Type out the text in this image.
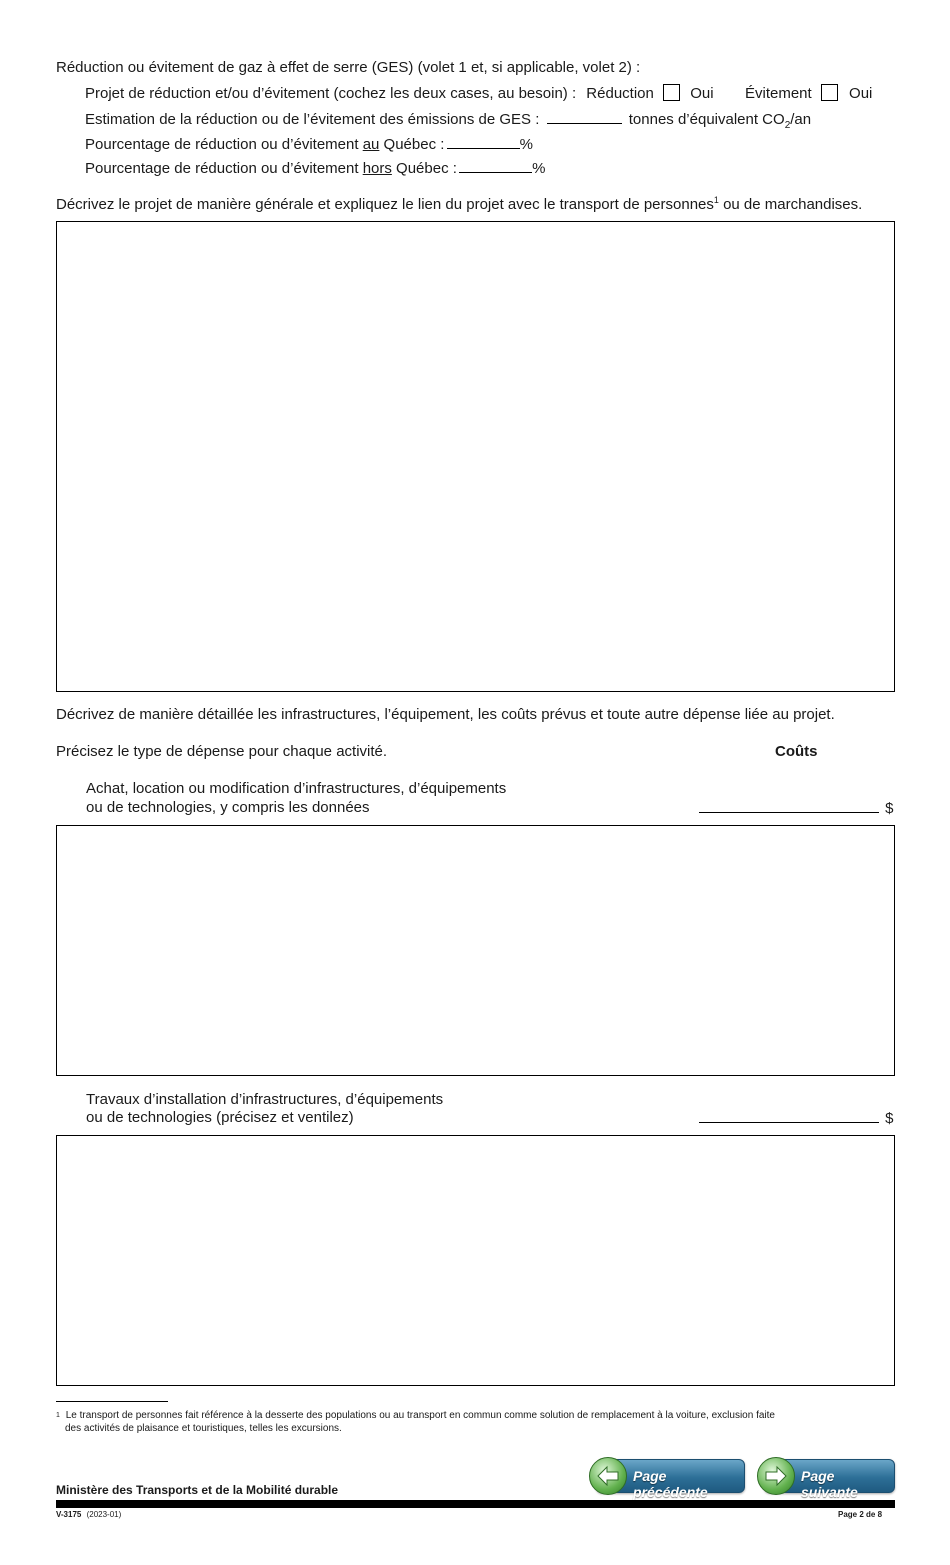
Réduction ou évitement de gaz à effet de serre (GES) (volet 1 et, si applicable, volet 2) :
Projet de réduction et/ou d’évitement (cochez les deux cases, au besoin) : Réduction Oui Évitement Oui
Estimation de la réduction ou de l’évitement des émissions de GES :	tonnes d’équivalent $CO_2/an$
Pourcentage de réduction ou d’évitement au Québec :	%
Pourcentage de réduction ou d’évitement hors Québec :	%
Décrivez le projet de manière générale et expliquez le lien du projet avec le transport de personnes$^1$ ou de marchandises.
Décrivez de manière détaillée les infrastructures, l’équipement, les coûts prévus et toute autre dépense liée au projet.
Précisez le type de dépense pour chaque activité.	Coûts
Achat, location ou modification d’infrastructures, d’équipements
ou de technologies, y compris les données	$
Travaux d’installation d’infrastructures, d’équipements
ou de technologies (précisez et ventilez)	$
$^1$ Le transport de personnes fait référence à la desserte des populations ou au transport en commun comme solution de remplacement à la voiture, exclusion faite
des activités de plaisance et touristiques, telles les excursions.
Page précédente
Page suivante
Ministère des Transports et de la Mobilité durable
V-3175 (2023-01)	Page 2 de 8
